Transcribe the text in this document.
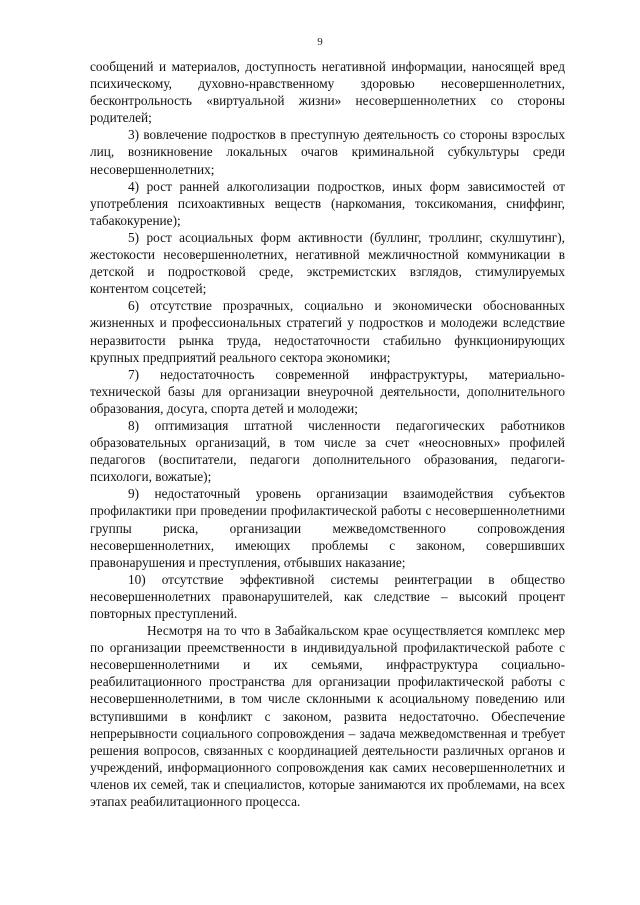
9

сообщений и материалов, доступность негативной информации, наносящей вред психическому, духовно-нравственному здоровью несовершеннолетних, бесконтрольность «виртуальной жизни» несовершеннолетних со стороны родителей;

3) вовлечение подростков в преступную деятельность со стороны взрослых лиц, возникновение локальных очагов криминальной субкультуры среди несовершеннолетних;

4) рост ранней алкоголизации подростков, иных форм зависимостей от употребления психоактивных веществ (наркомания, токсикомания, сниффинг, табакокурение);

5) рост асоциальных форм активности (буллинг, троллинг, скулшутинг), жестокости несовершеннолетних, негативной межличностной коммуникации в детской и подростковой среде, экстремистских взглядов, стимулируемых контентом соцсетей;

6) отсутствие прозрачных, социально и экономически обоснованных жизненных и профессиональных стратегий у подростков и молодежи вследствие неразвитости рынка труда, недостаточности стабильно функционирующих крупных предприятий реального сектора экономики;

7) недостаточность современной инфраструктуры, материально-технической базы для организации внеурочной деятельности, дополнительного образования, досуга, спорта детей и молодежи;

8) оптимизация штатной численности педагогических работников образовательных организаций, в том числе за счет «неосновных» профилей педагогов (воспитатели, педагоги дополнительного образования, педагоги-психологи, вожатые);

9) недостаточный уровень организации взаимодействия субъектов профилактики при проведении профилактической работы с несовершеннолетними группы риска, организации межведомственного сопровождения несовершеннолетних, имеющих проблемы с законом, совершивших правонарушения и преступления, отбывших наказание;

10) отсутствие эффективной системы реинтеграции в общество несовершеннолетних правонарушителей, как следствие – высокий процент повторных преступлений.

Несмотря на то что в Забайкальском крае осуществляется комплекс мер по организации преемственности в индивидуальной профилактической работе с несовершеннолетними и их семьями, инфраструктура социально-реабилитационного пространства для организации профилактической работы с несовершеннолетними, в том числе склонными к асоциальному поведению или вступившими в конфликт с законом, развита недостаточно. Обеспечение непрерывности социального сопровождения – задача межведомственная и требует решения вопросов, связанных с координацией деятельности различных органов и учреждений, информационного сопровождения как самих несовершеннолетних и членов их семей, так и специалистов, которые занимаются их проблемами, на всех этапах реабилитационного процесса.
